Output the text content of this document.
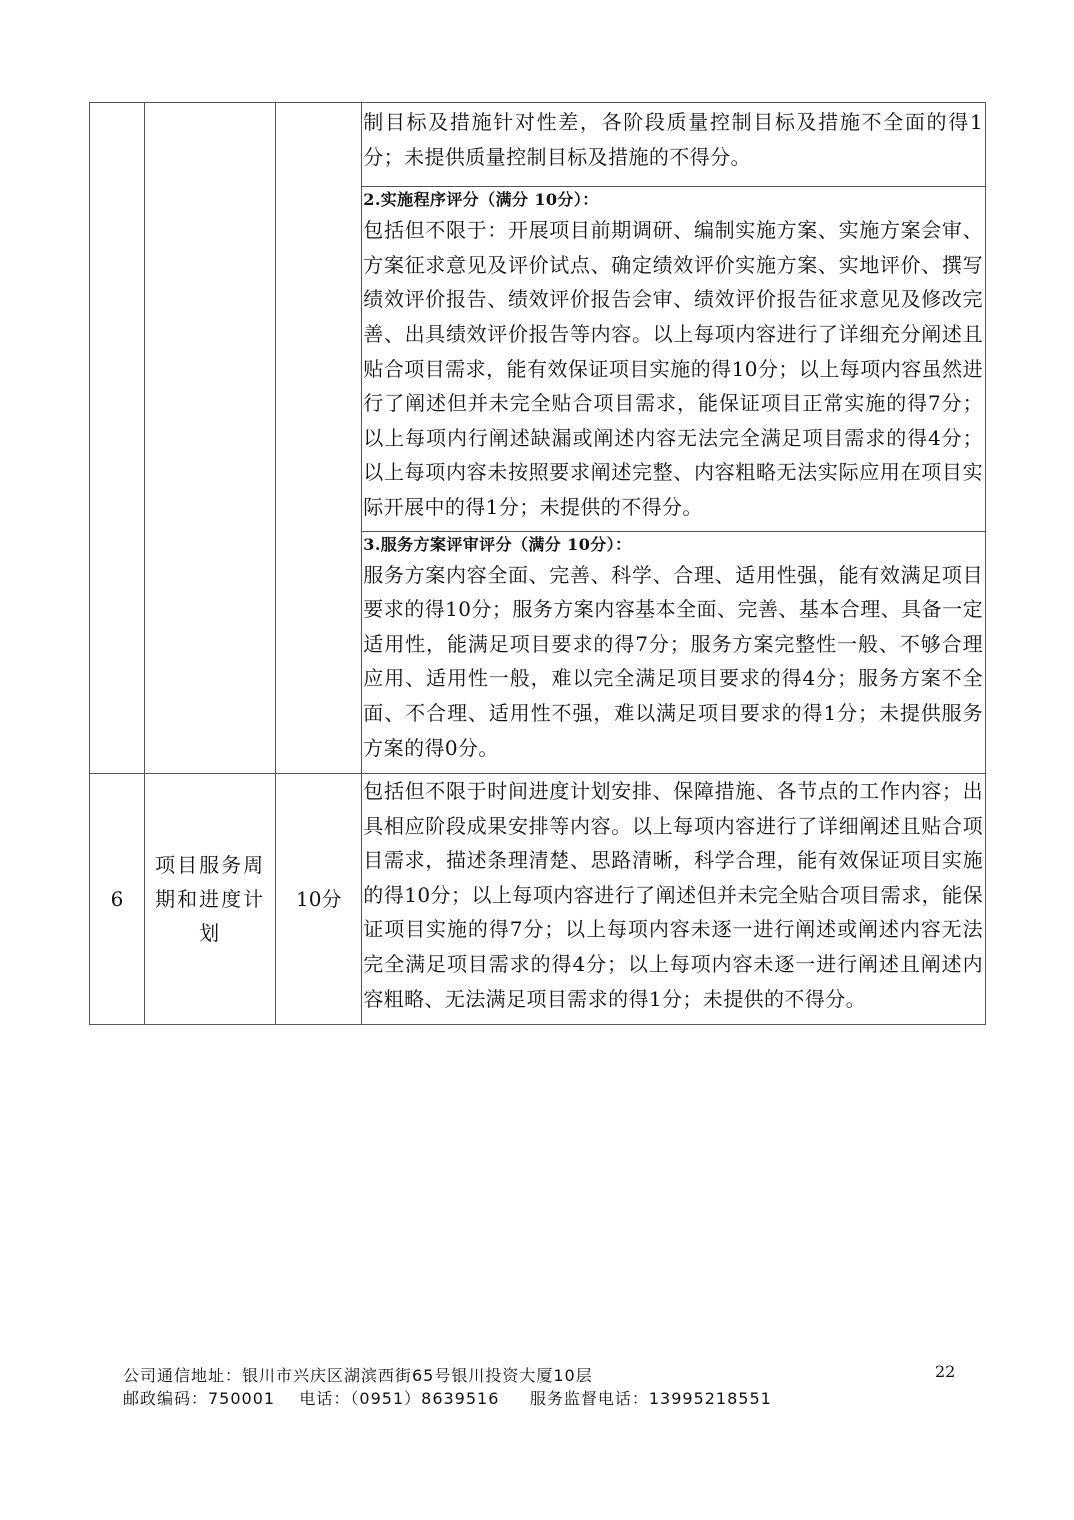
			制目标及措施针对性差，各阶段质量控制目标及措施不全面的得1分；未提供质量控制目标及措施的不得分。

			2.实施程序评分（满分 10分）：
包括但不限于：开展项目前期调研、编制实施方案、实施方案会审、方案征求意见及评价试点、确定绩效评价实施方案、实地评价、撰写绩效评价报告、绩效评价报告会审、绩效评价报告征求意见及修改完善、出具绩效评价报告等内容。以上每项内容进行了详细充分阐述且贴合项目需求，能有效保证项目实施的得10分；以上每项内容虽然进行了阐述但并未完全贴合项目需求，能保证项目正常实施的得7分；以上每项内行阐述缺漏或阐述内容无法完全满足项目需求的得4分；以上每项内容未按照要求阐述完整、内容粗略无法实际应用在项目实际开展中的得1分；未提供的不得分。

			3.服务方案评审评分（满分 10分）：
服务方案内容全面、完善、科学、合理、适用性强，能有效满足项目要求的得10分；服务方案内容基本全面、完善、基本合理、具备一定适用性，能满足项目要求的得7分；服务方案完整性一般、不够合理应用、适用性一般，难以完全满足项目要求的得4分；服务方案不全面、不合理、适用性不强，难以满足项目要求的得1分；未提供服务方案的得0分。

6	项目服务周期和进度计划	10分	包括但不限于时间进度计划安排、保障措施、各节点的工作内容；出具相应阶段成果安排等内容。以上每项内容进行了详细阐述且贴合项目需求，描述条理清楚、思路清晰，科学合理，能有效保证项目实施的得10分；以上每项内容进行了阐述但并未完全贴合项目需求，能保证项目实施的得7分；以上每项内容未逐一进行阐述或阐述内容无法完全满足项目需求的得4分；以上每项内容未逐一进行阐述且阐述内容粗略、无法满足项目需求的得1分；未提供的不得分。
公司通信地址：银川市兴庆区湖滨西街65号银川投资大厦10层
邮政编码：750001    电话：（0951）8639516     服务监督电话：13995218551
22
